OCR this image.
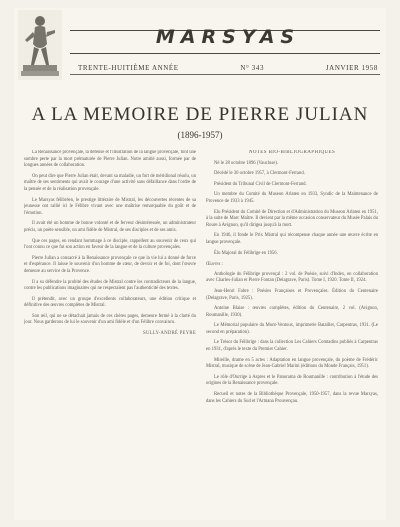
MARSYAS
TRENTE-HUITIÈME ANNÉE	N° 343	JANVIER 1958
A LA MEMOIRE DE PIERRE JULIAN
(1896-1957)

La Renaissance provençale, la défense et l'illustration de la langue provençale, font une sombre perte par la mort prématurée de Pierre Julian. Notre amitié aussi, formée par de longues années de collaboration.

On peut dire que Pierre Julian était, devant sa maladie, un fort de méridional résolu, un maître de ses sentiments qui avait le courage d'une activité sans défaillance dans l'ordre de la pensée et de la réalisation provençale.

Le Marsyas félibréen, le prestige littéraire de Mistral, les découvertes récentes de sa jeunesse ont rallié ici le Félibre vivant avec une maîtrise remarquable du goût et de l'émotion.

Il avait été un homme de bonne volonté et de ferveur désintéressée, un administrateur précis, un poète sensible, un ami fidèle de Mistral, de ses disciples et de ses amis.

Que ces pages, en rendant hommage à ce disciple, rappellent au souvenir de ceux qui l'ont connu ce que fut son action en faveur de la langue et de la culture provençales.

Pierre Julian a consacré à la Renaissance provençale ce que la vie lui a donné de force et d'espérance. Il laisse le souvenir d'un homme de cœur, de devoir et de foi, dont l'œuvre demeure au service de la Provence.

Il a su défendre la probité des études de Mistral contre les contradicteurs de la langue, contre les publications imaginaires qui ne respectaient pas l'authenticité des textes.

Il prétendit, avec un groupe d'excellents collaborateurs, une édition critique et définitive des œuvres complètes de Mistral.

Son œil, qui ne se détachait jamais de ces chères pages, demeure fermé à la clarté du jour. Nous garderons de lui le souvenir d'un ami fidèle et d'un Félibre convaincu.

SULLY-ANDRÉ PEYRE

NOTES BIO-BIBLIOGRAPHIQUES

Né le 28 octobre 1896 (Vaucluse).

Décédé le 30 octobre 1957, à Clermont-Ferrand.

Président du Tribunal Civil de Clermont-Ferrand.

Un membre du Comité du Museon Arlaten en 1933, Syndic de la Maintenance de Provence de 1933 à 1945.

Elu Président du Comité de Direction et d'Administration du Museon Arlaten en 1951, à la suite de Marc Maître. Il devient par la même occasion conservateur du Musée Palais du Roure à Avignon, qu'il dirigea jusqu'à la mort.

En 1946, il fonde le Prix Mistral qui récompense chaque année une œuvre écrite en langue provençale.

Élu Majoral du Félibrige en 1956.

Œuvres :

Anthologie du Félibrige provençal : 2 vol. de Poésie, suivi d'Index, en collaboration avec Charles-Julian et Pierre Fontan (Delagrave, Paris). Tome I, 1920. Tome II, 1924.

Jean-Henri Fabre : Poésies Françaises et Provençales. Édition du Centenaire (Delagrave, Paris, 1925).

Antoine Blaise : œuvres complètes, édition du Centenaire, 2 vol. (Avignon, Roumanille, 1930).

Le Mémorial populaire du Mont-Ventoux, imprimerie Batailler, Carpentras, 1931. (Le second en préparation).

Le Trésor du Félibrige : dans la collection Les Cahiers Comtadins publiés à Carpentras en 1931, d'après le texte du Premier Cahier.

Mireille, drame en 5 actes : Adaptation en langue provençale, du poème de Frédéric Mistral, musique de scène de Jean-Gabriel Marini (éditions du Monde Français, 1951).

Le rôle d'Ourrige à Aspres et le Panorama de Roumanille : contribution à l'étude des origines de la Renaissance provençale.

Recueil et notes de la Bibliothèque Provençale, 1950-1957, dans la revue Marsyas, dans les Cahiers du Sud et l'Armana Prouvençau.
